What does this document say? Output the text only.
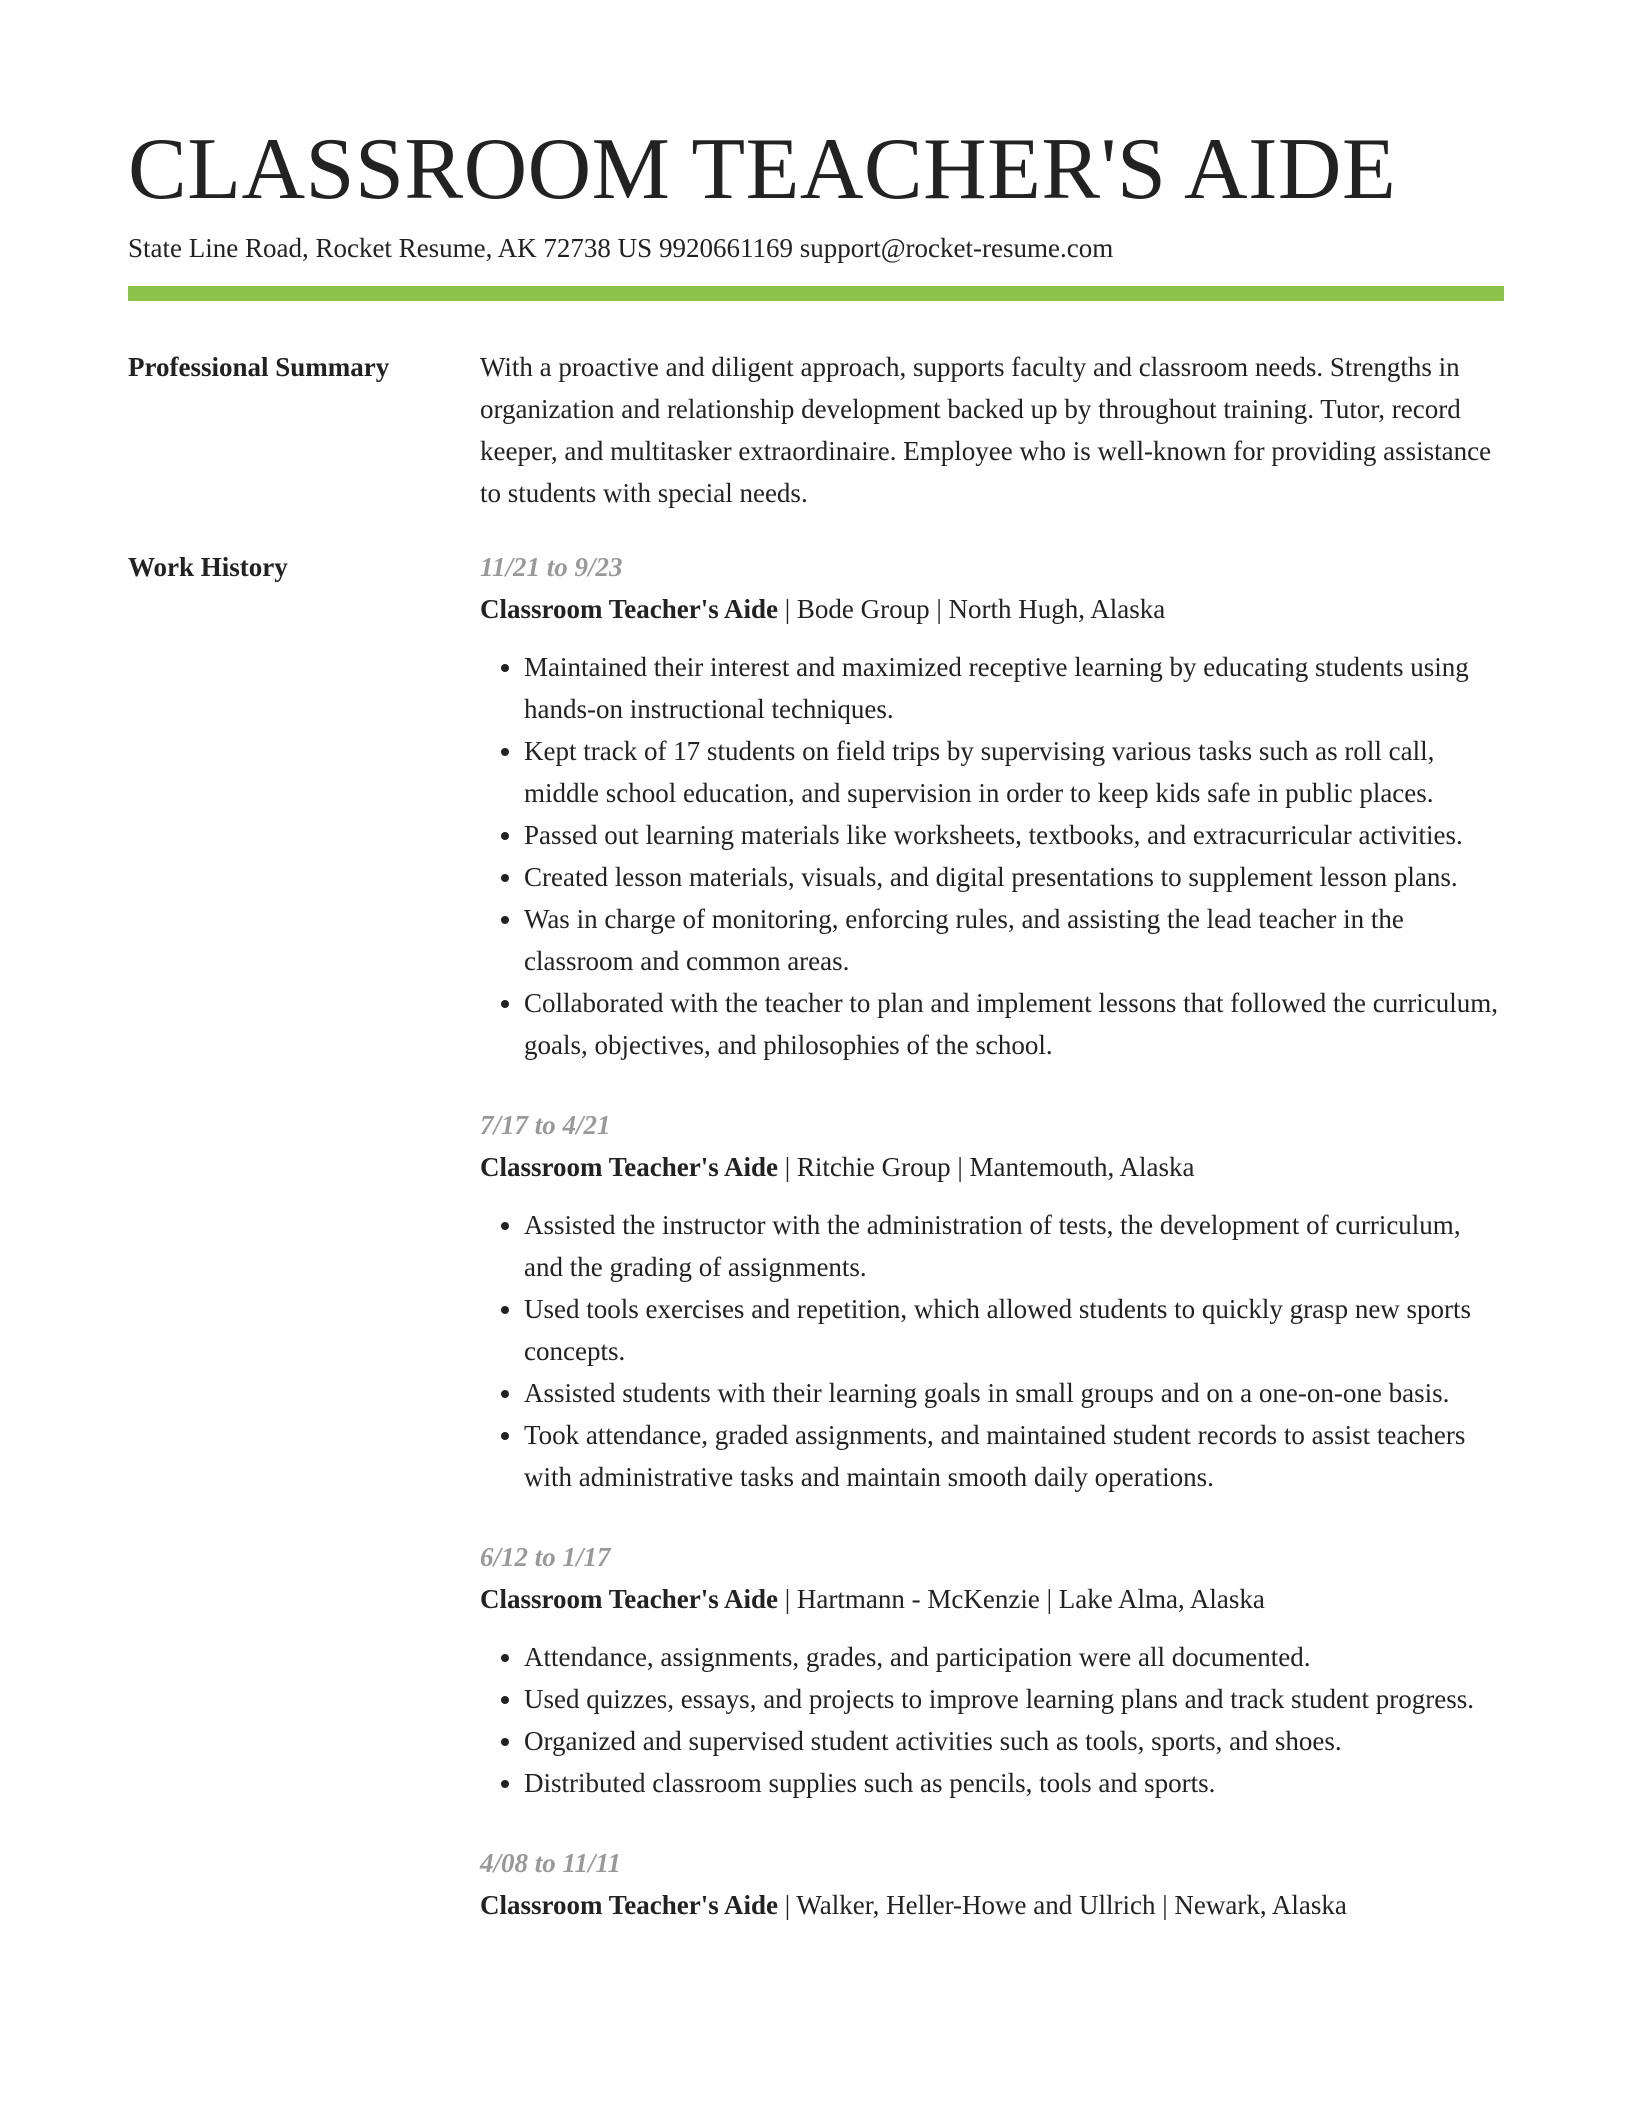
CLASSROOM TEACHER'S AIDE
State Line Road, Rocket Resume, AK 72738 US 9920661169 support@rocket-resume.com
Professional Summary	With a proactive and diligent approach, supports faculty and classroom needs. Strengths in organization and relationship development backed up by throughout training. Tutor, record keeper, and multitasker extraordinaire. Employee who is well-known for providing assistance to students with special needs.

Work History	11/21 to 9/23
Classroom Teacher's Aide | Bode Group | North Hugh, Alaska
• Maintained their interest and maximized receptive learning by educating students using hands-on instructional techniques.
• Kept track of 17 students on field trips by supervising various tasks such as roll call, middle school education, and supervision in order to keep kids safe in public places.
• Passed out learning materials like worksheets, textbooks, and extracurricular activities.
• Created lesson materials, visuals, and digital presentations to supplement lesson plans.
• Was in charge of monitoring, enforcing rules, and assisting the lead teacher in the classroom and common areas.
• Collaborated with the teacher to plan and implement lessons that followed the curriculum, goals, objectives, and philosophies of the school.
7/17 to 4/21
Classroom Teacher's Aide | Ritchie Group | Mantemouth, Alaska
• Assisted the instructor with the administration of tests, the development of curriculum, and the grading of assignments.
• Used tools exercises and repetition, which allowed students to quickly grasp new sports concepts.
• Assisted students with their learning goals in small groups and on a one-on-one basis.
• Took attendance, graded assignments, and maintained student records to assist teachers with administrative tasks and maintain smooth daily operations.
6/12 to 1/17
Classroom Teacher's Aide | Hartmann - McKenzie | Lake Alma, Alaska
• Attendance, assignments, grades, and participation were all documented.
• Used quizzes, essays, and projects to improve learning plans and track student progress.
• Organized and supervised student activities such as tools, sports, and shoes.
• Distributed classroom supplies such as pencils, tools and sports.
4/08 to 11/11
Classroom Teacher's Aide | Walker, Heller-Howe and Ullrich | Newark, Alaska
